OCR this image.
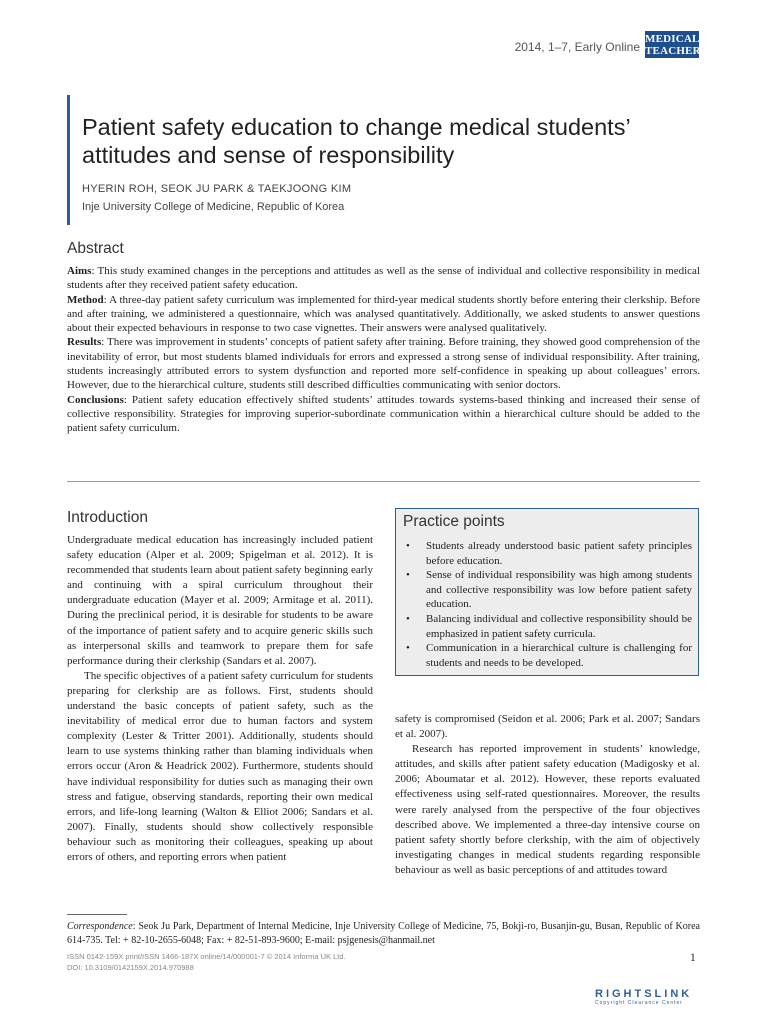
2014, 1–7, Early Online
MEDICAL
TEACHER
Patient safety education to change medical students’ attitudes and sense of responsibility
HYERIN ROH, SEOK JU PARK & TAEKJOONG KIM
Inje University College of Medicine, Republic of Korea
Abstract

Aims: This study examined changes in the perceptions and attitudes as well as the sense of individual and collective responsibility in medical students after they received patient safety education.

Method: A three-day patient safety curriculum was implemented for third-year medical students shortly before entering their clerkship. Before and after training, we administered a questionnaire, which was analysed quantitatively. Additionally, we asked students to answer questions about their expected behaviours in response to two case vignettes. Their answers were analysed qualitatively.

Results: There was improvement in students’ concepts of patient safety after training. Before training, they showed good comprehension of the inevitability of error, but most students blamed individuals for errors and expressed a strong sense of individual responsibility. After training, students increasingly attributed errors to system dysfunction and reported more self-confidence in speaking up about colleagues’ errors. However, due to the hierarchical culture, students still described difficulties communicating with senior doctors.

Conclusions: Patient safety education effectively shifted students’ attitudes towards systems-based thinking and increased their sense of collective responsibility. Strategies for improving superior-subordinate communication within a hierarchical culture should be added to the patient safety curriculum.

Introduction

Undergraduate medical education has increasingly included patient safety education (Alper et al. 2009; Spigelman et al. 2012). It is recommended that students learn about patient safety beginning early and continuing with a spiral curriculum throughout their undergraduate education (Mayer et al. 2009; Armitage et al. 2011). During the preclinical period, it is desirable for students to be aware of the importance of patient safety and to acquire generic skills such as interpersonal skills and teamwork to prepare them for safe performance during their clerkship (Sandars et al. 2007).

The specific objectives of a patient safety curriculum for students preparing for clerkship are as follows. First, students should understand the basic concepts of patient safety, such as the inevitability of medical error due to human factors and system complexity (Lester & Tritter 2001). Additionally, students should learn to use systems thinking rather than blaming individuals when errors occur (Aron & Headrick 2002). Furthermore, students should have individual responsibility for duties such as managing their own stress and fatigue, observing standards, reporting their own medical errors, and life-long learning (Walton & Elliot 2006; Sandars et al. 2007). Finally, students should show collectively responsible behaviour such as monitoring their colleagues, speaking up about errors of others, and reporting errors when patient

Practice points
• Students already understood basic patient safety principles before education.
• Sense of individual responsibility was high among students and collective responsibility was low before patient safety education.
• Balancing individual and collective responsibility should be emphasized in patient safety curricula.
• Communication in a hierarchical culture is challenging for students and needs to be developed.

safety is compromised (Seidon et al. 2006; Park et al. 2007; Sandars et al. 2007).

Research has reported improvement in students’ knowledge, attitudes, and skills after patient safety education (Madigosky et al. 2006; Aboumatar et al. 2012). However, these reports evaluated effectiveness using self-rated questionnaires. Moreover, the results were rarely analysed from the perspective of the four objectives described above. We implemented a three-day intensive course on patient safety shortly before clerkship, with the aim of objectively investigating changes in medical students regarding responsible behaviour as well as basic perceptions of and attitudes toward

Correspondence: Seok Ju Park, Department of Internal Medicine, Inje University College of Medicine, 75, Bokji-ro, Busanjin-gu, Busan, Republic of Korea 614-735. Tel: + 82-10-2655-6048; Fax: + 82-51-893-9600; E-mail: psjgenesis@hanmail.net
ISSN 0142-159X print/ISSN 1466-187X online/14/000001-7 © 2014 Informa UK Ltd.
DOI: 10.3109/0142159X.2014.970988
1
RIGHTSLINK
Copyright Clearance Center
